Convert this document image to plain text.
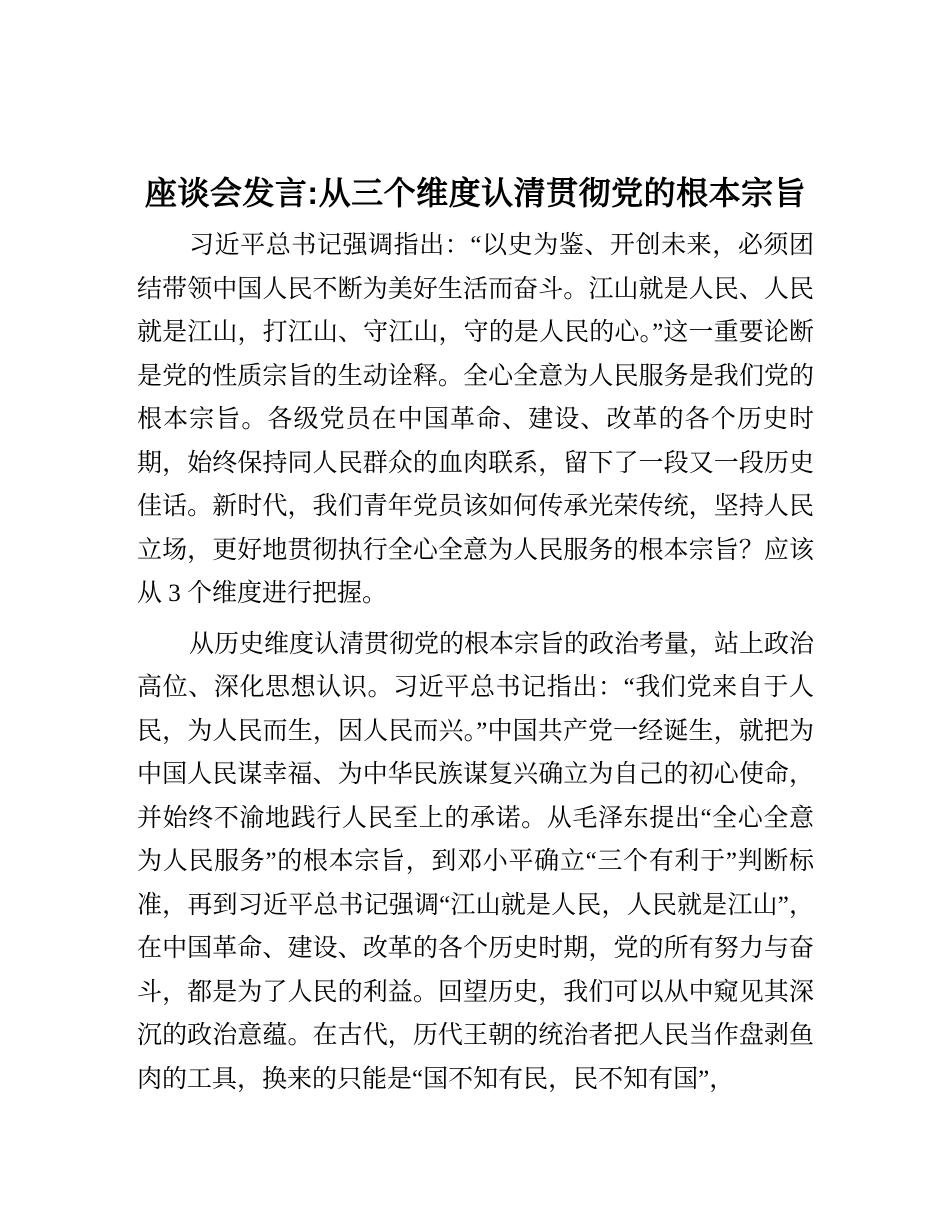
座谈会发言:从三个维度认清贯彻党的根本宗旨

习近平总书记强调指出：“以史为鉴、开创未来，必须团结带领中国人民不断为美好生活而奋斗。江山就是人民、人民就是江山，打江山、守江山，守的是人民的心。”这一重要论断是党的性质宗旨的生动诠释。全心全意为人民服务是我们党的根本宗旨。各级党员在中国革命、建设、改革的各个历史时期，始终保持同人民群众的血肉联系，留下了一段又一段历史佳话。新时代，我们青年党员该如何传承光荣传统，坚持人民立场，更好地贯彻执行全心全意为人民服务的根本宗旨？应该从 3 个维度进行把握。

从历史维度认清贯彻党的根本宗旨的政治考量，站上政治高位、深化思想认识。习近平总书记指出：“我们党来自于人民，为人民而生，因人民而兴。”中国共产党一经诞生，就把为中国人民谋幸福、为中华民族谋复兴确立为自己的初心使命，并始终不渝地践行人民至上的承诺。从毛泽东提出“全心全意为人民服务”的根本宗旨，到邓小平确立“三个有利于”判断标准，再到习近平总书记强调“江山就是人民，人民就是江山”，在中国革命、建设、改革的各个历史时期，党的所有努力与奋斗，都是为了人民的利益。回望历史，我们可以从中窥见其深沉的政治意蕴。在古代，历代王朝的统治者把人民当作盘剥鱼肉的工具，换来的只能是“国不知有民，民不知有国”，
